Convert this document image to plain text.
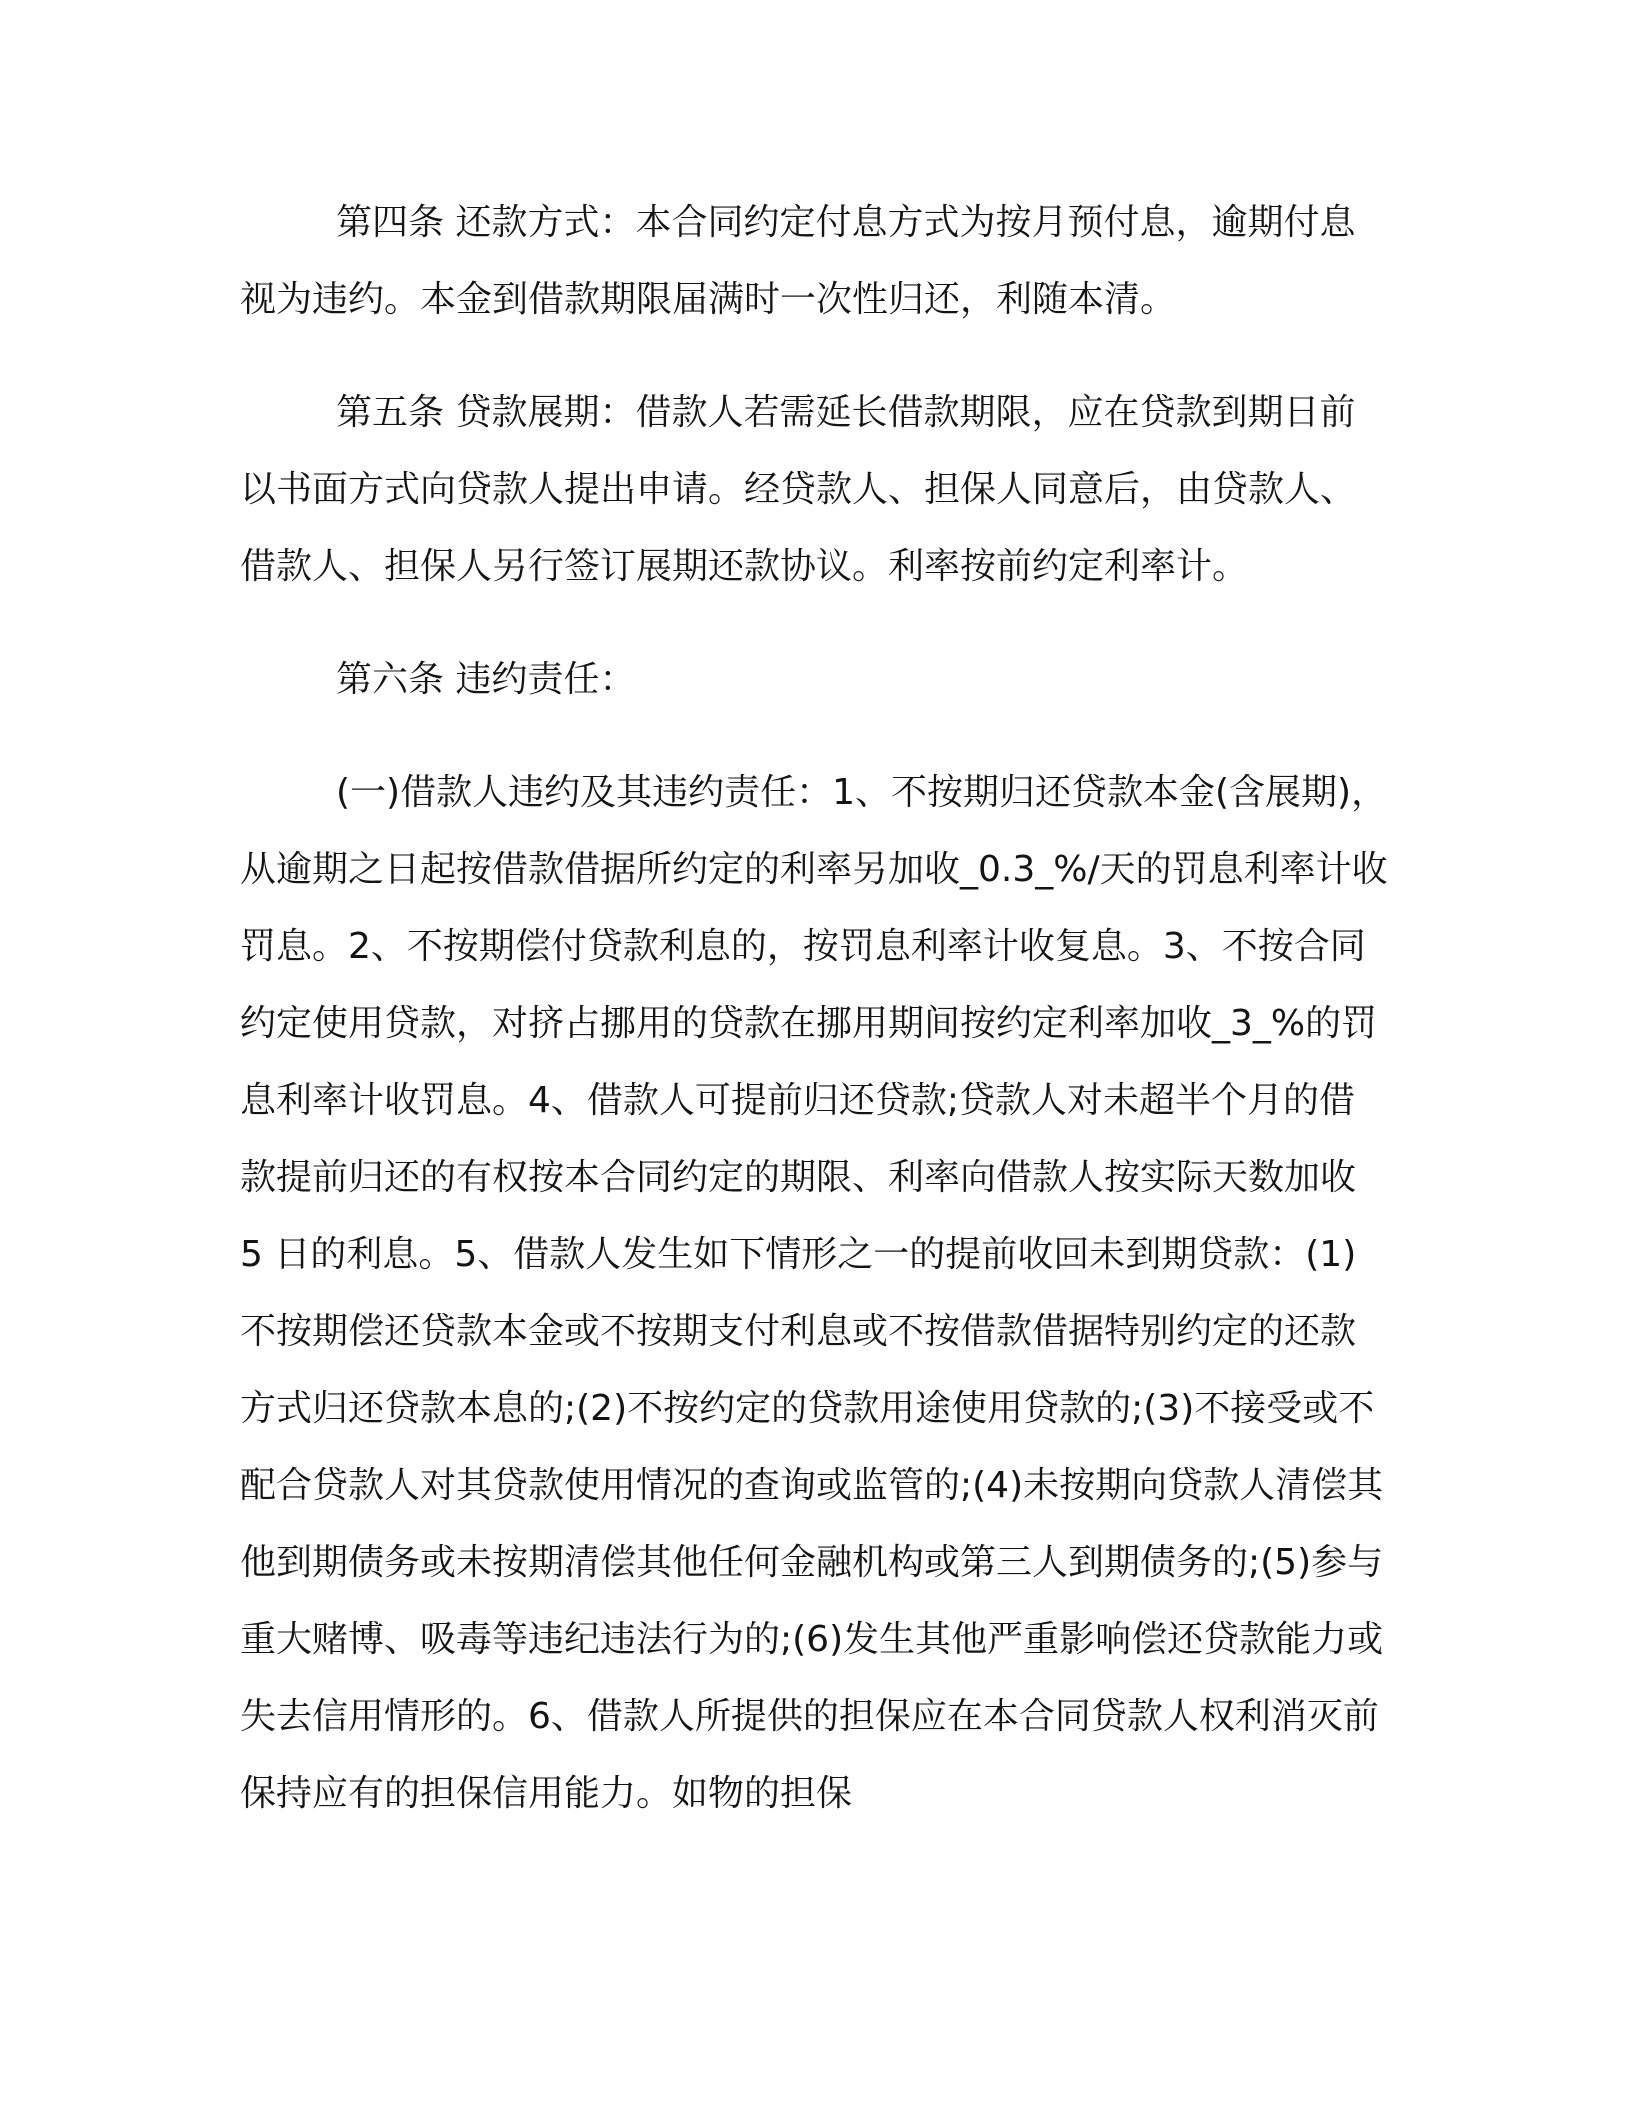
第四条 还款方式：本合同约定付息方式为按月预付息，逾期付息视为违约。本金到借款期限届满时一次性归还，利随本清。

第五条 贷款展期：借款人若需延长借款期限，应在贷款到期日前以书面方式向贷款人提出申请。经贷款人、担保人同意后，由贷款人、借款人、担保人另行签订展期还款协议。利率按前约定利率计。

第六条 违约责任：

(一)借款人违约及其违约责任：1、不按期归还贷款本金(含展期)，从逾期之日起按借款借据所约定的利率另加收_0.3_%/天的罚息利率计收罚息。2、不按期偿付贷款利息的，按罚息利率计收复息。3、不按合同约定使用贷款，对挤占挪用的贷款在挪用期间按约定利率加收_3_%的罚息利率计收罚息。4、借款人可提前归还贷款;贷款人对未超半个月的借款提前归还的有权按本合同约定的期限、利率向借款人按实际天数加收 5 日的利息。5、借款人发生如下情形之一的提前收回未到期贷款：(1)不按期偿还贷款本金或不按期支付利息或不按借款借据特别约定的还款方式归还贷款本息的;(2)不按约定的贷款用途使用贷款的;(3)不接受或不配合贷款人对其贷款使用情况的查询或监管的;(4)未按期向贷款人清偿其他到期债务或未按期清偿其他任何金融机构或第三人到期债务的;(5)参与重大赌博、吸毒等违纪违法行为的;(6)发生其他严重影响偿还贷款能力或失去信用情形的。6、借款人所提供的担保应在本合同贷款人权利消灭前保持应有的担保信用能力。如物的担保
